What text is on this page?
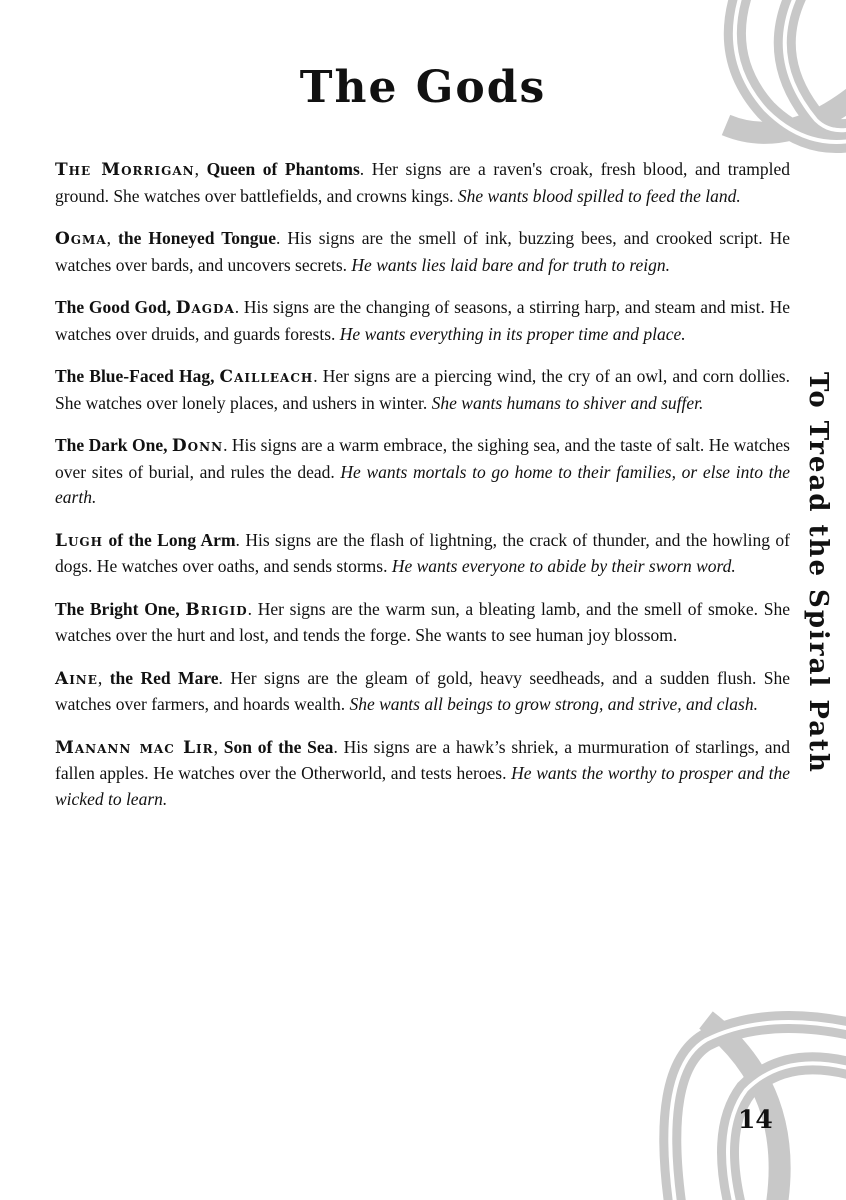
The Gods

The Morrigan, Queen of Phantoms. Her signs are a raven's croak, fresh blood, and trampled ground. She watches over battlefields, and crowns kings. She wants blood spilled to feed the land.

Ogma, the Honeyed Tongue. His signs are the smell of ink, buzzing bees, and crooked script. He watches over bards, and uncovers secrets. He wants lies laid bare and for truth to reign.

The Good God, Dagda. His signs are the changing of seasons, a stirring harp, and steam and mist. He watches over druids, and guards forests. He wants everything in its proper time and place.

The Blue-Faced Hag, Cailleach. Her signs are a piercing wind, the cry of an owl, and corn dollies. She watches over lonely places, and ushers in winter. She wants humans to shiver and suffer.

The Dark One, Donn. His signs are a warm embrace, the sighing sea, and the taste of salt. He watches over sites of burial, and rules the dead. He wants mortals to go home to their families, or else into the earth.

Lugh of the Long Arm. His signs are the flash of lightning, the crack of thunder, and the howling of dogs. He watches over oaths, and sends storms. He wants everyone to abide by their sworn word.

The Bright One, Brigid. Her signs are the warm sun, a bleating lamb, and the smell of smoke. She watches over the hurt and lost, and tends the forge. She wants to see human joy blossom.

Aine, the Red Mare. Her signs are the gleam of gold, heavy seedheads, and a sudden flush. She watches over farmers, and hoards wealth. She wants all beings to grow strong, and strive, and clash.

Manann mac Lir, Son of the Sea. His signs are a hawk’s shriek, a murmuration of starlings, and fallen apples. He watches over the Otherworld, and tests heroes. He wants the worthy to prosper and the wicked to learn.

To Tread the Spiral Path
14
